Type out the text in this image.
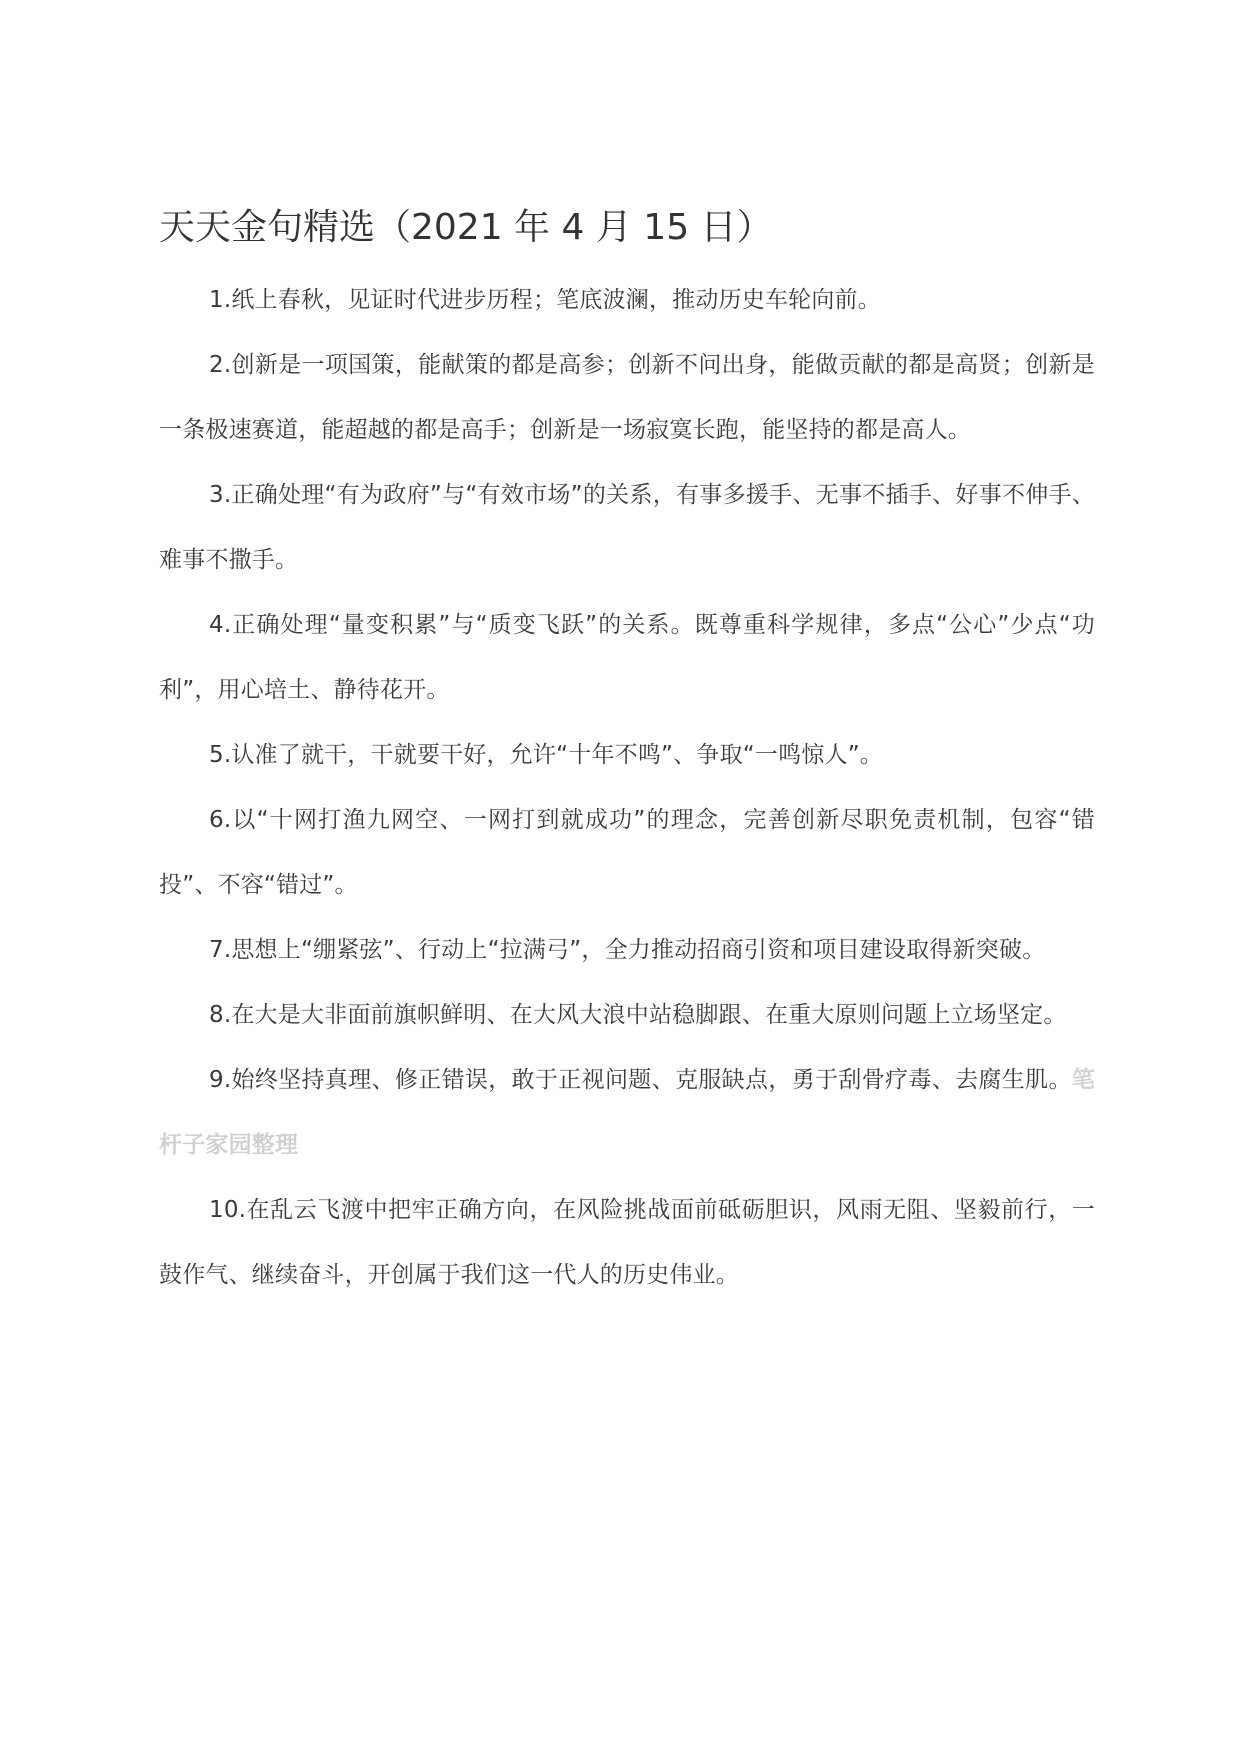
天天金句精选（2021 年 4 月 15 日）

1.纸上春秋，见证时代进步历程；笔底波澜，推动历史车轮向前。

2.创新是一项国策，能献策的都是高参；创新不问出身，能做贡献的都是高贤；创新是一条极速赛道，能超越的都是高手；创新是一场寂寞长跑，能坚持的都是高人。

3.正确处理“有为政府”与“有效市场”的关系，有事多援手、无事不插手、好事不伸手、难事不撒手。

4.正确处理“量变积累”与“质变飞跃”的关系。既尊重科学规律，多点“公心”少点“功利”，用心培土、静待花开。

5.认准了就干，干就要干好，允许“十年不鸣”、争取“一鸣惊人”。

6.以“十网打渔九网空、一网打到就成功”的理念，完善创新尽职免责机制，包容“错投”、不容“错过”。

7.思想上“绷紧弦”、行动上“拉满弓”，全力推动招商引资和项目建设取得新突破。

8.在大是大非面前旗帜鲜明、在大风大浪中站稳脚跟、在重大原则问题上立场坚定。

9.始终坚持真理、修正错误，敢于正视问题、克服缺点，勇于刮骨疗毒、去腐生肌。笔杆子家园整理

10.在乱云飞渡中把牢正确方向，在风险挑战面前砥砺胆识，风雨无阻、坚毅前行，一鼓作气、继续奋斗，开创属于我们这一代人的历史伟业。
